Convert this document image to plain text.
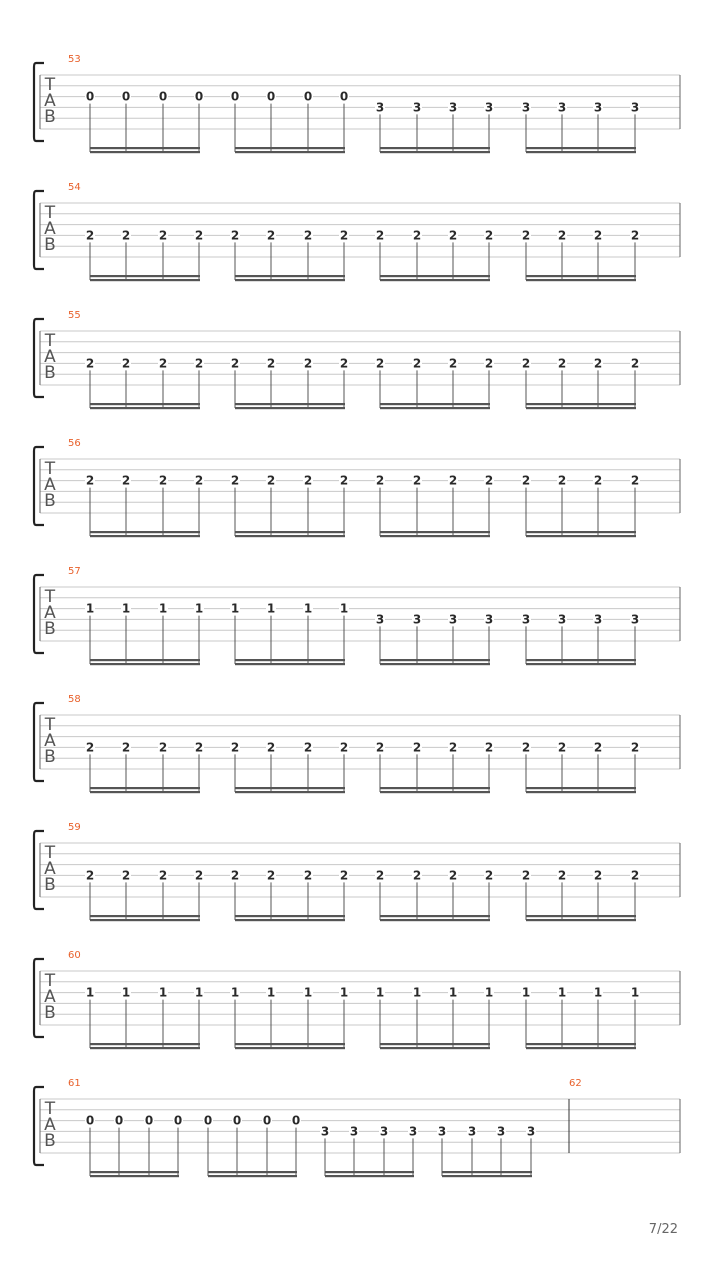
T
A
B
53
0 0 0 0 0 0 0 0
3 3 3 3 3 3 3 3
T
A
B
54
2 2 2 2 2 2 2 2 2 2 2 2 2 2 2 2
T
A
B
55
2 2 2 2 2 2 2 2 2 2 2 2 2 2 2 2
T
A
B
56
2 2 2 2 2 2 2 2 2 2 2 2 2 2 2 2
T
A
B
57
1 1 1 1 1 1 1 1
3 3 3 3 3 3 3 3
T
A
B
58
2 2 2 2 2 2 2 2 2 2 2 2 2 2 2 2
T
A
B
59
2 2 2 2 2 2 2 2 2 2 2 2 2 2 2 2
T
A
B
60
1 1 1 1 1 1 1 1 1 1 1 1 1 1 1 1
T
A
B
61	62
0 0 0 0 0 0 0 0
3 3 3 3 3 3 3 3
7/22
